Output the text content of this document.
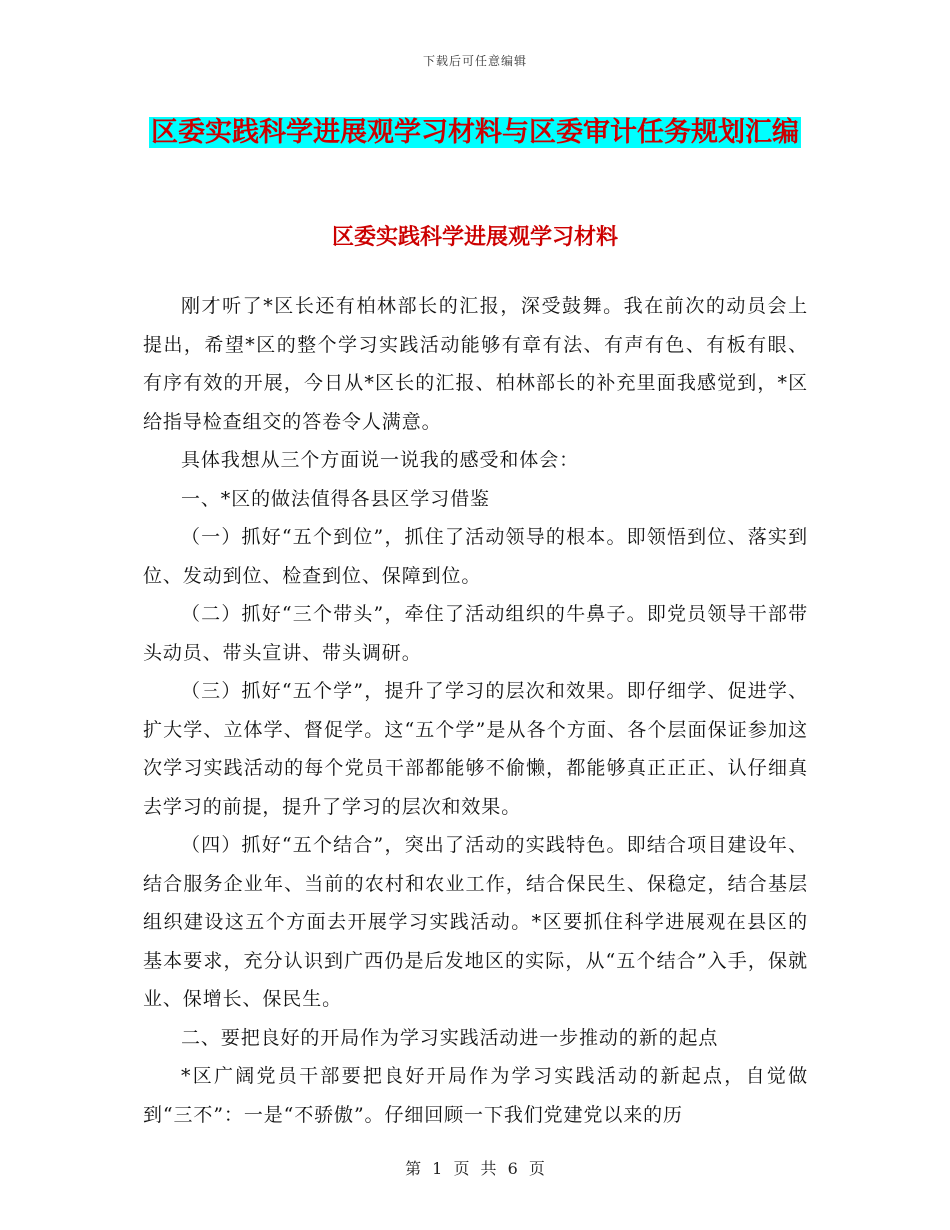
下载后可任意编辑
区委实践科学进展观学习材料与区委审计任务规划汇编
区委实践科学进展观学习材料

刚才听了*区长还有柏林部长的汇报，深受鼓舞。我在前次的动员会上提出，希望*区的整个学习实践活动能够有章有法、有声有色、有板有眼、有序有效的开展，今日从*区长的汇报、柏林部长的补充里面我感觉到，*区给指导检查组交的答卷令人满意。

具体我想从三个方面说一说我的感受和体会：

一、*区的做法值得各县区学习借鉴

（一）抓好“五个到位”，抓住了活动领导的根本。即领悟到位、落实到位、发动到位、检查到位、保障到位。

（二）抓好“三个带头”，牵住了活动组织的牛鼻子。即党员领导干部带头动员、带头宣讲、带头调研。

（三）抓好“五个学”，提升了学习的层次和效果。即仔细学、促进学、扩大学、立体学、督促学。这“五个学”是从各个方面、各个层面保证参加这次学习实践活动的每个党员干部都能够不偷懒，都能够真正正正、认仔细真去学习的前提，提升了学习的层次和效果。

（四）抓好“五个结合”，突出了活动的实践特色。即结合项目建设年、结合服务企业年、当前的农村和农业工作，结合保民生、保稳定，结合基层组织建设这五个方面去开展学习实践活动。*区要抓住科学进展观在县区的基本要求，充分认识到广西仍是后发地区的实际，从“五个结合”入手，保就业、保增长、保民生。

二、要把良好的开局作为学习实践活动进一步推动的新的起点

*区广阔党员干部要把良好开局作为学习实践活动的新起点，自觉做到“三不”：一是“不骄傲”。仔细回顾一下我们党建党以来的历

第 1 页 共 6 页
